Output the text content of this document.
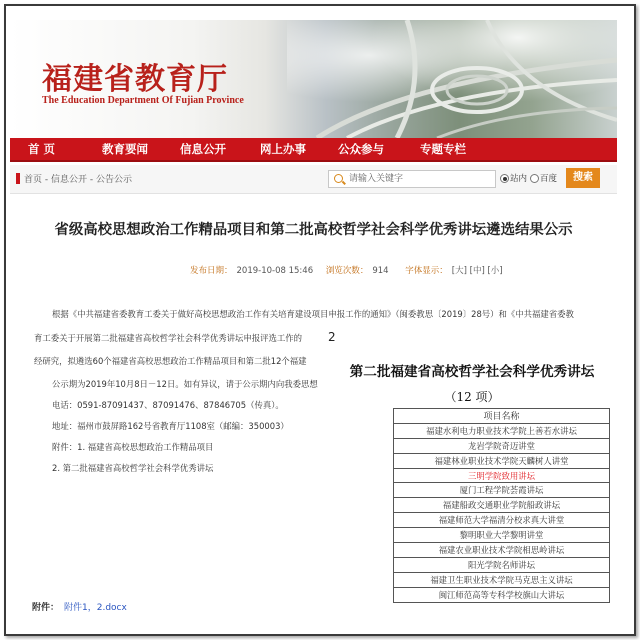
福建省教育厅
The Education Department Of Fujian Province
首 页	教育要闻	信息公开	网上办事	公众参与	专题专栏
首页 - 信息公开 - 公告公示
请输入关键字	站内 百度	搜索
省级高校思想政治工作精品项目和第二批高校哲学社会科学优秀讲坛遴选结果公示
发布日期： 2019-10-08 15:46 浏览次数： 914 字体显示： [大] [中] [小]
根据《中共福建省委教育工委关于做好高校思想政治工作有关培育建设项目申报工作的通知》（闽委教思〔2019〕28号）和《中共福建省委教
育工委关于开展第二批福建省高校哲学社会科学优秀讲坛申报评选工作的
经研究，拟遴选60个福建省高校思想政治工作精品项目和第二批12个福建
公示期为2019年10月8日－12日。如有异议，请于公示期内向我委思想
电话：0591-87091437、87091476、87846705（传真）。
地址：福州市鼓屏路162号省教育厅1108室（邮编：350003）
附件：1. 福建省高校思想政治工作精品项目
2. 第二批福建省高校哲学社会科学优秀讲坛
2
附件： 附件1，2.docx
第二批福建省高校哲学社会科学优秀讲坛
（12 项）
项目名称
福建水利电力职业技术学院上善若水讲坛
龙岩学院奇迈讲堂
福建林业职业技术学院天麟树人讲堂
三明学院致用讲坛
厦门工程学院荟霞讲坛
福建船政交通职业学院船政讲坛
福建师范大学福清分校求真大讲堂
黎明职业大学黎明讲堂
福建农业职业技术学院相思岭讲坛
阳光学院名师讲坛
福建卫生职业技术学院马克思主义讲坛
闽江师范高等专科学校旗山大讲坛
